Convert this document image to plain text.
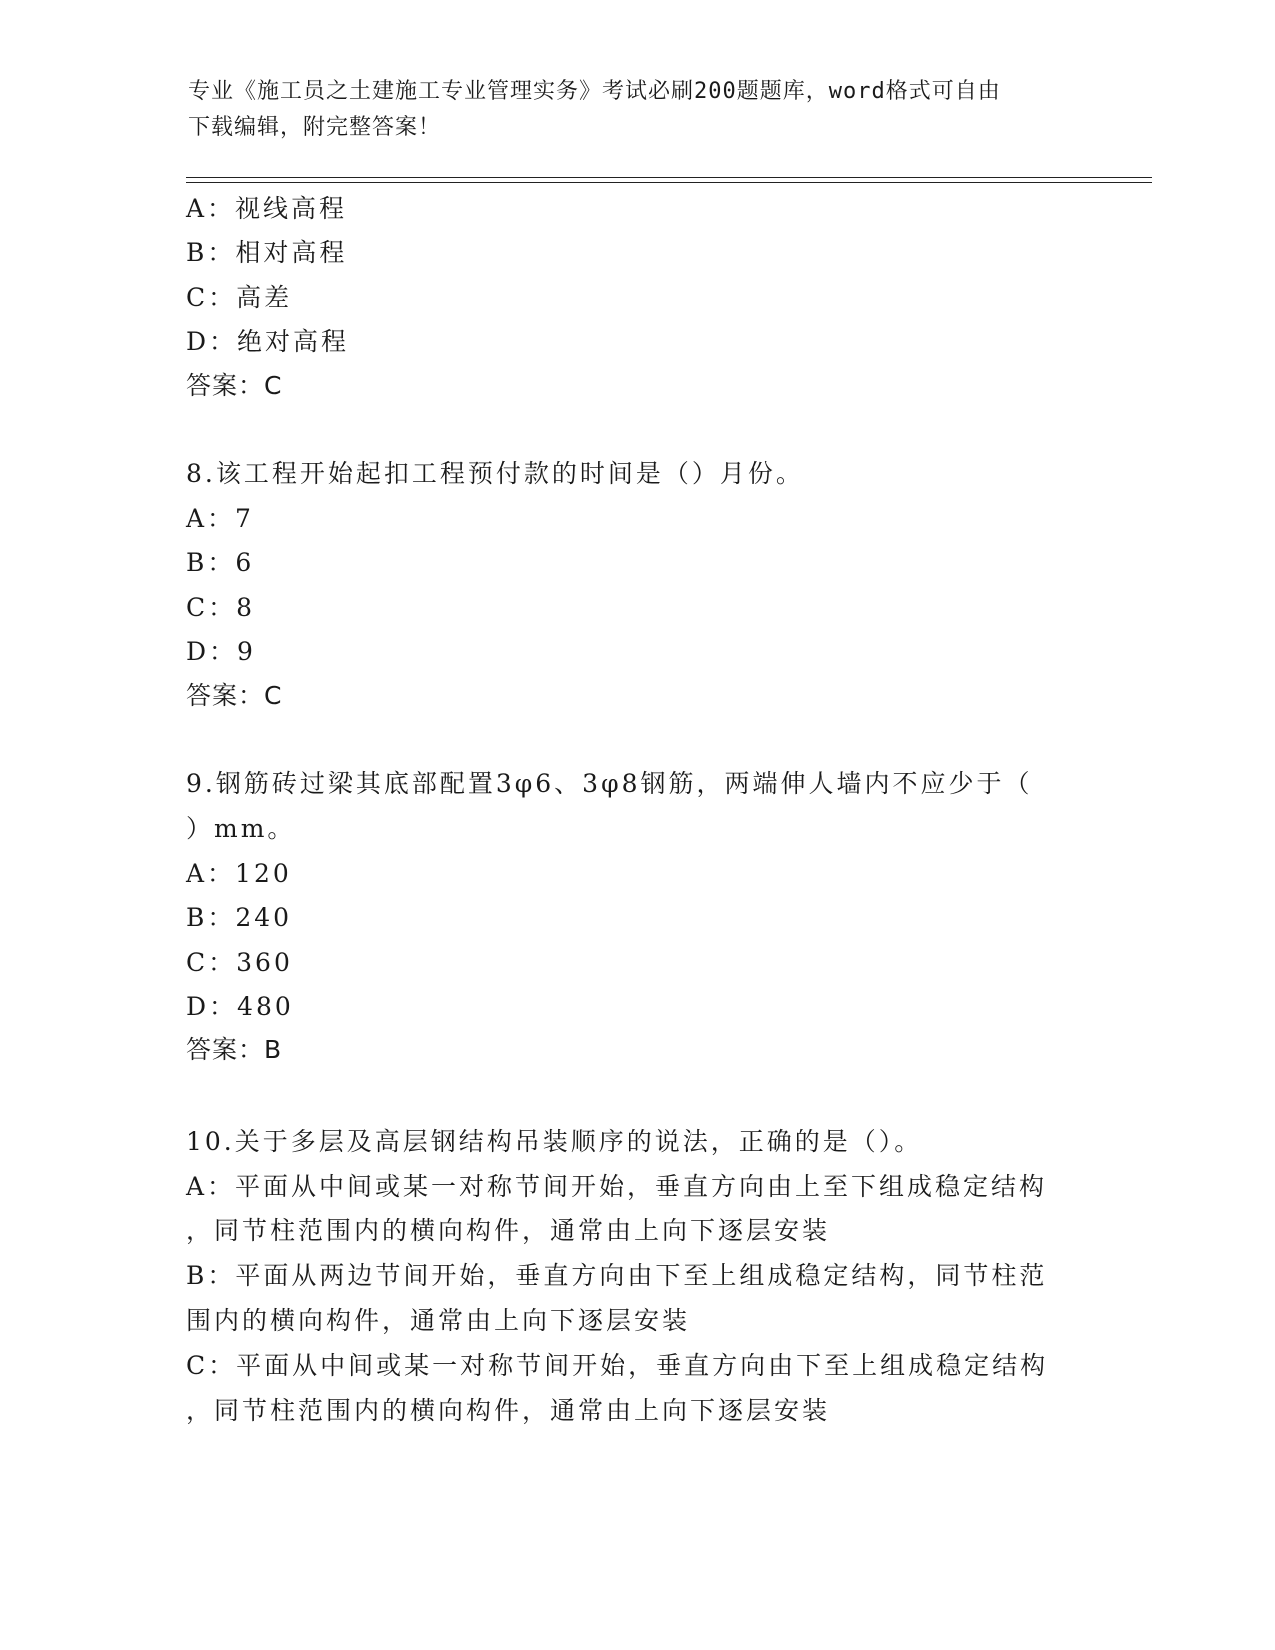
专业《施工员之土建施工专业管理实务》考试必刷200题题库，word格式可自由
下载编辑，附完整答案！
A：视线高程
B：相对高程
C：高差
D：绝对高程
答案：C
8.该工程开始起扣工程预付款的时间是（）月份。
A：7
B：6
C：8
D：9
答案：C
9.钢筋砖过梁其底部配置3φ6、3φ8钢筋，两端伸人墙内不应少于（
）mm。
A：120
B：240
C：360
D：480
答案：B
10.关于多层及高层钢结构吊装顺序的说法，正确的是（）。
A：平面从中间或某一对称节间开始，垂直方向由上至下组成稳定结构
，同节柱范围内的横向构件，通常由上向下逐层安装
B：平面从两边节间开始，垂直方向由下至上组成稳定结构，同节柱范
围内的横向构件，通常由上向下逐层安装
C：平面从中间或某一对称节间开始，垂直方向由下至上组成稳定结构
，同节柱范围内的横向构件，通常由上向下逐层安装
